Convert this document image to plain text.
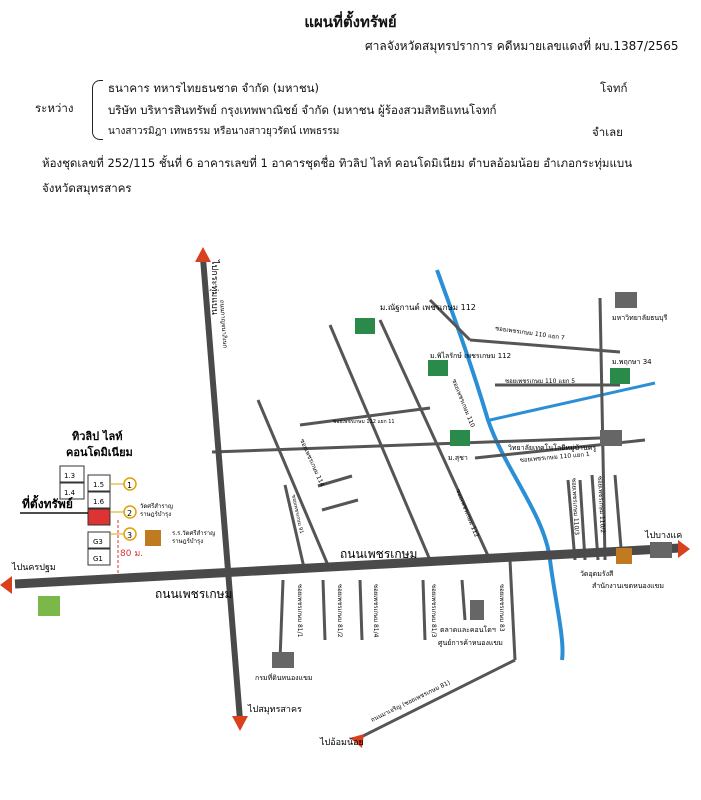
แผนที่ตั้งทรัพย์
ศาลจังหวัดสมุทรปราการ คดีหมายเลขแดงที่ ผบ.1387/2565
ระหว่าง
ธนาคาร ทหารไทยธนชาต จำกัด (มหาชน)	โจทก์
บริษัท บริหารสินทรัพย์ กรุงเทพพาณิชย์ จำกัด (มหาชน ผู้ร้องสวมสิทธิแทนโจทก์
นางสาวรมิฎา เทพธรรม หรือนางสาวยุวรัตน์ เทพธรรม	จำเลย
ห้องชุดเลขที่ 252/115 ชั้นที่ 6 อาคารเลขที่ 1 อาคารชุดชื่อ ทิวลิป ไลท์ คอนโดมิเนียม ตำบลอ้อมน้อย อำเภอกระทุ่มแบน
จังหวัดสมุทรสาคร
ถนนเพชรเกษม
ถนนเพชรเกษม
ไปนครปฐม
ไปบางแค
ไปสมุทรสาคร
ไปอ้อมน้อย
ไปกระทุ่มแบน
ทิวลิป ไลท์
คอนโดมิเนียม
ที่ตั้งทรัพย์
80 ม.
1.3
1.4
1.5
1.6
G3
G1
1
2
3
วัดศรีสำราญ
ราษฎร์บำรุง
ร.ร.วัดศรีสำราญ
ราษฎร์บำรุง
ม.ณัฐกานต์ เพชรเกษม 112
ม.พิไลรักษ์ เพชรเกษม 112
ม.พฤกษา 34
ม.สุชา
มหาวิทยาลัยธนบุรี
วิทยาลัยเทคโนโลยีหมู่บ้านครู
วัดอุดมรังสี
สำนักงานเขตหนองแขม
ตลาดและคอนโดฯ
ศูนย์การค้าหนองแขม
กรมที่ดินหนองแขม
ซอยเพชรเกษม 110 แยก 7
ซอยเพชรเกษม 110 แยก 5
ซอยเพชรเกษม 110 แยก 1
ซอยเพชรเกษม 112 แยก 11
ซอยเพชรเกษม 112
ซอยเพชรเกษม 114
ซอยเพชรเกษม 110
ซอยเพชรเกษม 110/3	ซอยเพชรเกษม 110/2
ซอยเพชรเกษม 81/1	ซอยเพชรเกษม 81/2	ซอยเพชรเกษม 81/4	ซอยเพชรเกษม 81/3	ซอยเพชรเกษม 83
ถนนกาญจนาภิเษก
ถนนมาเจริญ (ซอยเพชรเกษม 81)
ซอยเพชรเกษม 91
